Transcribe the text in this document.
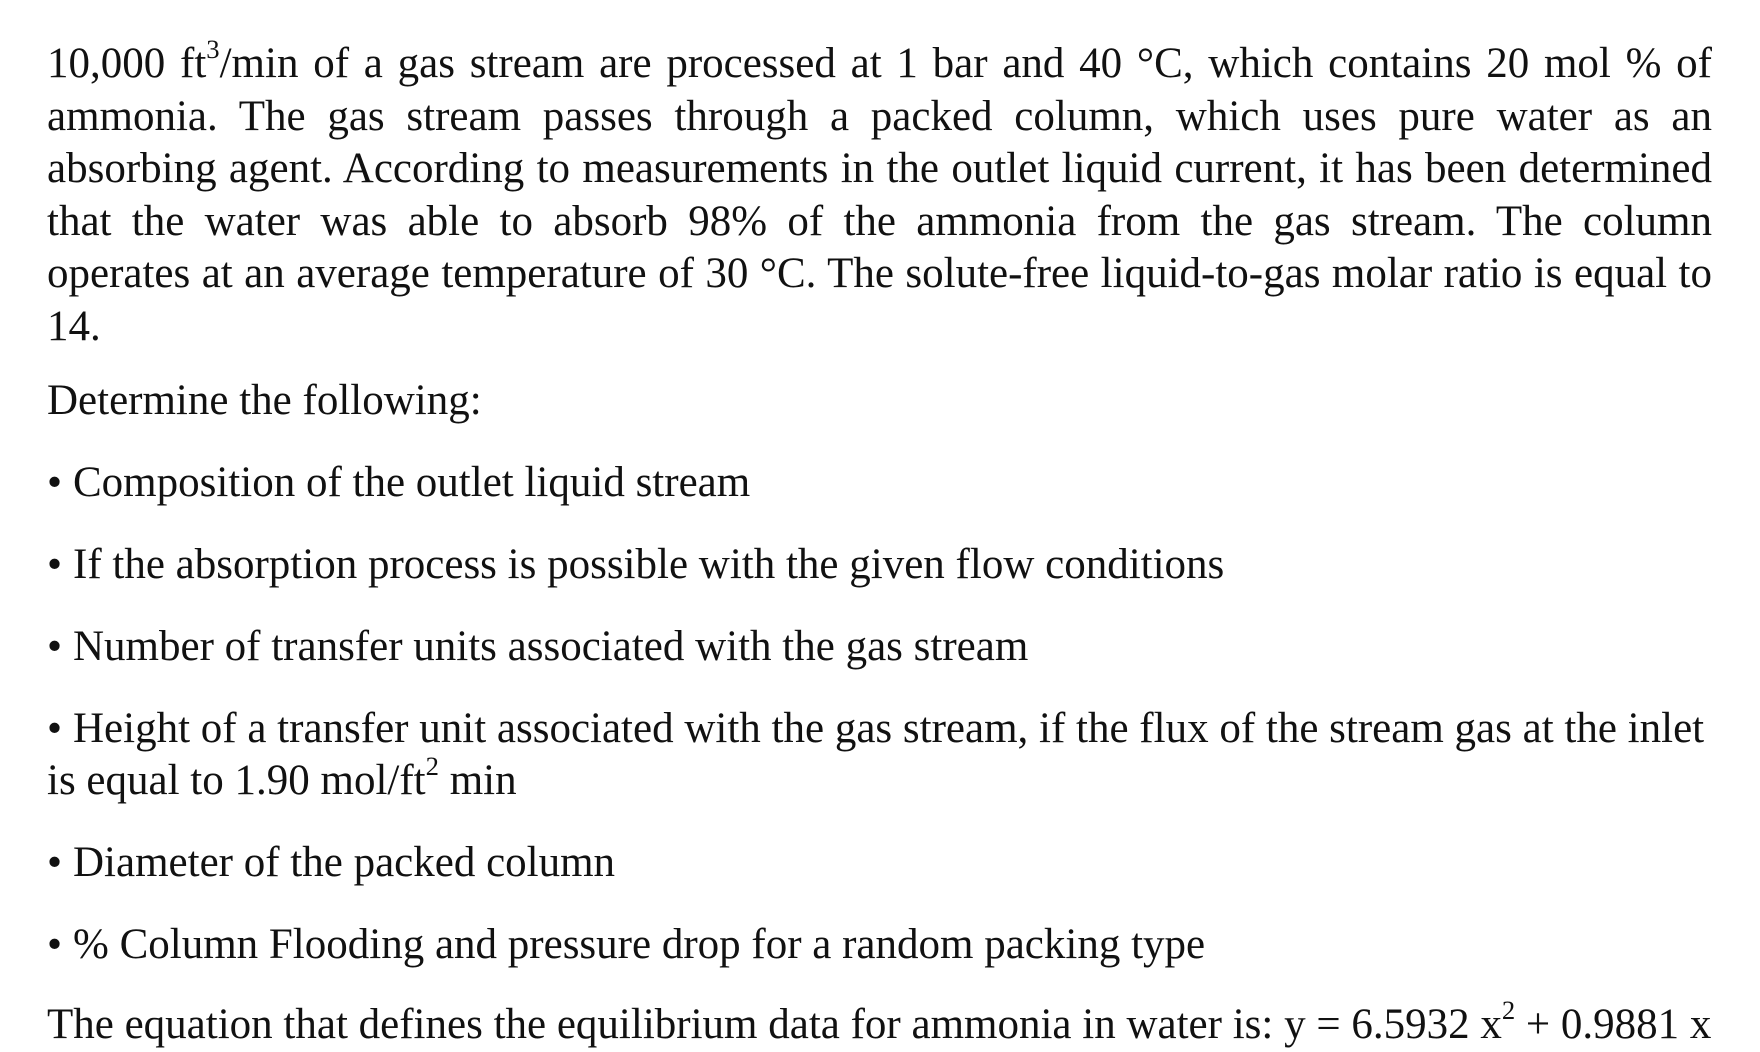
10,000 $ft^3/\min$ of a gas stream are processed at 1 bar and 40 °C, which contains 20 mol % of ammonia. The gas stream passes through a packed column, which uses pure water as an absorbing agent. According to measurements in the outlet liquid current, it has been determined that the water was able to absorb 98% of the ammonia from the gas stream. The column operates at an average temperature of 30 °C. The solute-free liquid-to-gas molar ratio is equal to 14.

Determine the following:

• Composition of the outlet liquid stream
• If the absorption process is possible with the given flow conditions
• Number of transfer units associated with the gas stream
• Height of a transfer unit associated with the gas stream, if the flux of the stream gas at the inlet is equal to 1.90 mol/$ft^2$ min
• Diameter of the packed column
• % Column Flooding and pressure drop for a random packing type

The equation that defines the equilibrium data for ammonia in water is: y = 6.5932 $x^2 + 0.9881$ x
